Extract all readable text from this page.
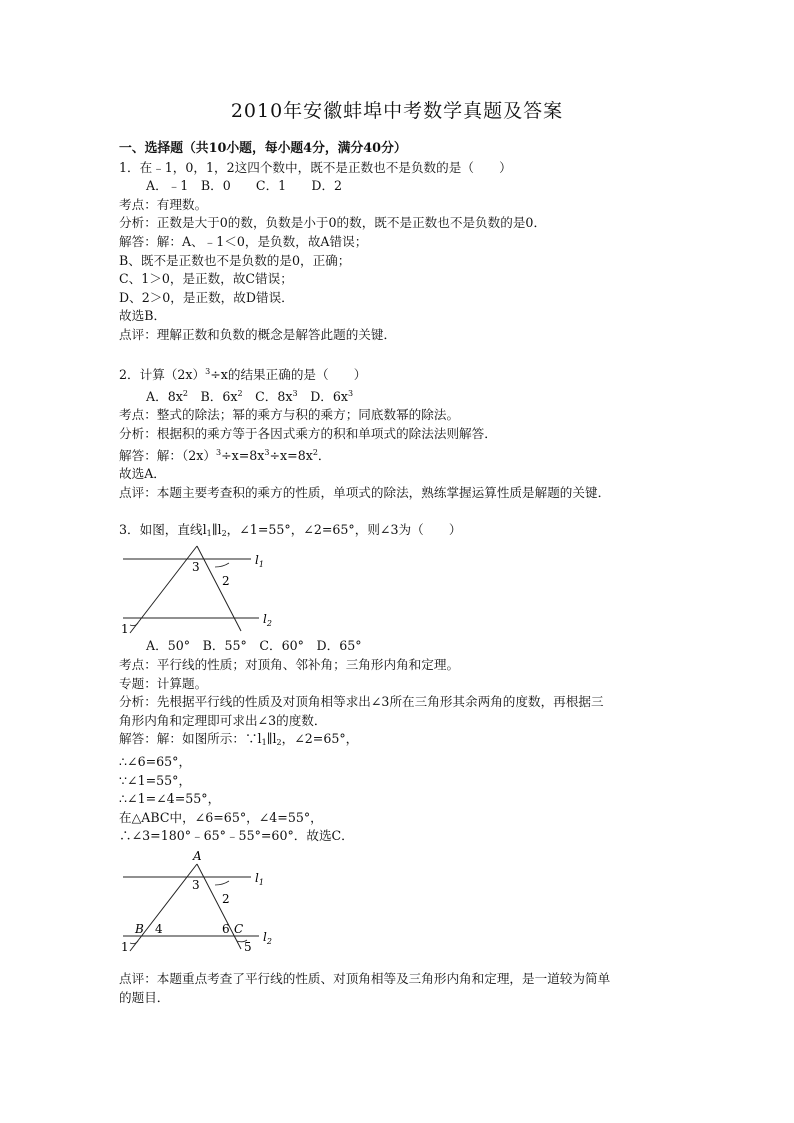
2010年安徽蚌埠中考数学真题及答案
一、选择题（共10小题，每小题4分，满分40分）
1．在﹣1，0，1，2这四个数中，既不是正数也不是负数的是（　　）
A．﹣1　B．0　　C．1　　D．2
考点：有理数。
分析：正数是大于0的数，负数是小于0的数，既不是正数也不是负数的是0．
解答：解：A、﹣1＜0，是负数，故A错误；
B、既不是正数也不是负数的是0，正确；
C、1＞0，是正数，故C错误；
D、2＞0，是正数，故D错误．
故选B．
点评：理解正数和负数的概念是解答此题的关键．
2．计算$(2x)^3\div x$的结果正确的是（　　）
A．$8x^2$　B．$6x^2$　C．$8x^3$　D．$6x^3$
考点：整式的除法；幂的乘方与积的乘方；同底数幂的除法。
分析：根据积的乘方等于各因式乘方的积和单项式的除法法则解答．
解答：解：$(2x)^3\div x=8x^3\div x=8x^2$．
故选A．
点评：本题主要考查积的乘方的性质，单项式的除法，熟练掌握运算性质是解题的关键．
3．如图，直线$l_1\parallel l_2$，∠1=55°，∠2=65°，则∠3为（　　）
3
2
1
$l_1$
$l_2$
A．50°　B．55°　C．60°　D．65°
考点：平行线的性质；对顶角、邻补角；三角形内角和定理。
专题：计算题。
分析：先根据平行线的性质及对顶角相等求出∠3所在三角形其余两角的度数，再根据三
角形内角和定理即可求出∠3的度数．
解答：解：如图所示：$\because l_1\parallel l_2$，∠2=65°，
∴∠6=65°，
∵∠1=55°，
∴∠1=∠4=55°，
在△ABC中，∠6=65°，∠4=55°，
∴∠3=180°﹣65°﹣55°=60°．故选C．
A
3
2
B 4	6 C
1	5
$l_1$
$l_2$
点评：本题重点考查了平行线的性质、对顶角相等及三角形内角和定理，是一道较为简单
的题目．
